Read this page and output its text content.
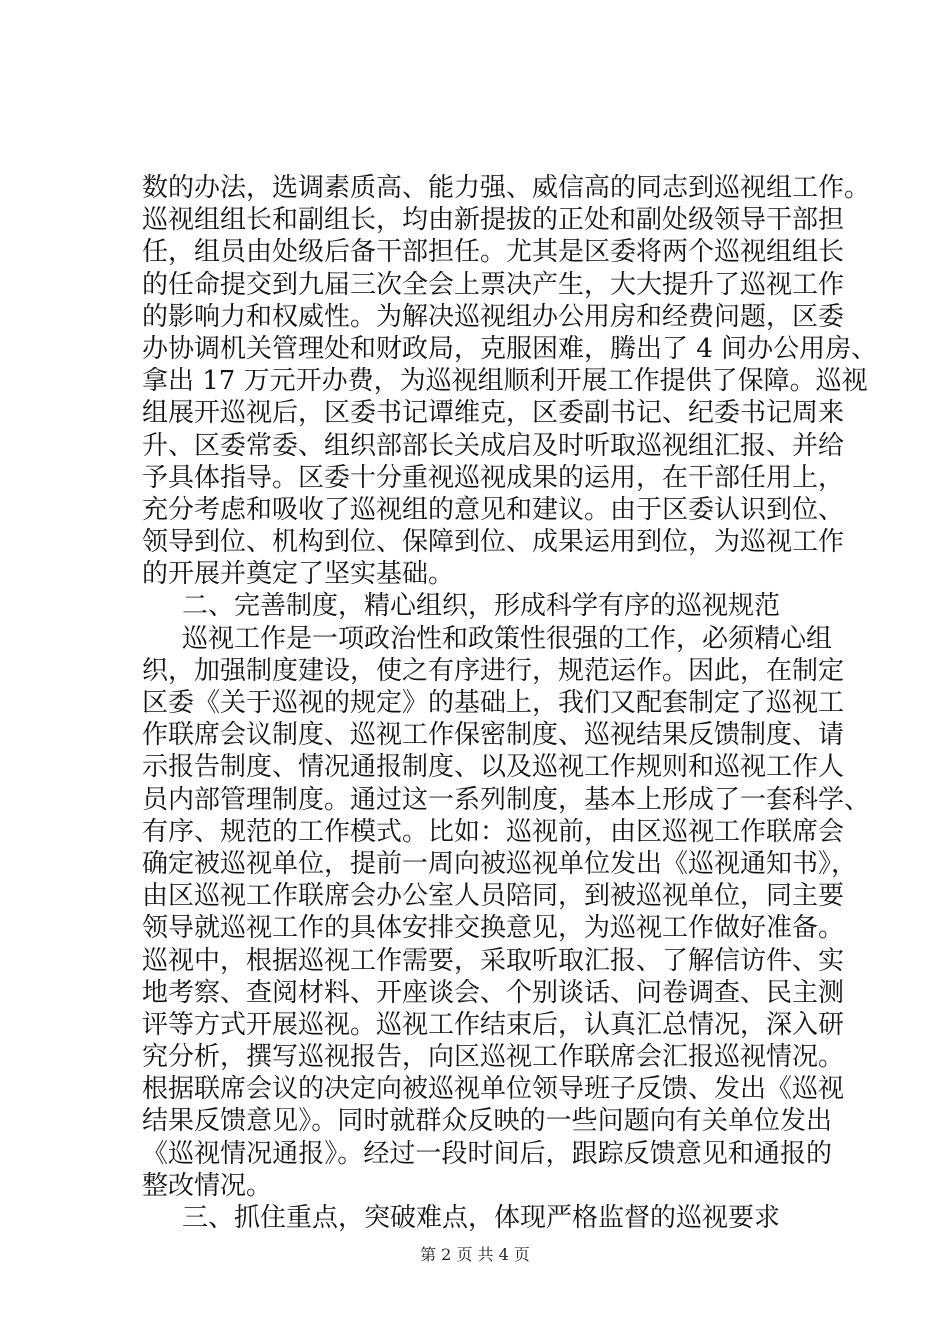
数的办法，选调素质高、能力强、威信高的同志到巡视组工作。
巡视组组长和副组长，均由新提拔的正处和副处级领导干部担
任，组员由处级后备干部担任。尤其是区委将两个巡视组组长
的任命提交到九届三次全会上票决产生，大大提升了巡视工作
的影响力和权威性。为解决巡视组办公用房和经费问题，区委
办协调机关管理处和财政局，克服困难，腾出了 4 间办公用房、
拿出 17 万元开办费，为巡视组顺利开展工作提供了保障。巡视
组展开巡视后，区委书记谭维克，区委副书记、纪委书记周来
升、区委常委、组织部部长关成启及时听取巡视组汇报、并给
予具体指导。区委十分重视巡视成果的运用，在干部任用上，
充分考虑和吸收了巡视组的意见和建议。由于区委认识到位、
领导到位、机构到位、保障到位、成果运用到位，为巡视工作
的开展并奠定了坚实基础。
二、完善制度，精心组织，形成科学有序的巡视规范
巡视工作是一项政治性和政策性很强的工作，必须精心组
织，加强制度建设，使之有序进行，规范运作。因此，在制定
区委《关于巡视的规定》的基础上，我们又配套制定了巡视工
作联席会议制度、巡视工作保密制度、巡视结果反馈制度、请
示报告制度、情况通报制度、以及巡视工作规则和巡视工作人
员内部管理制度。通过这一系列制度，基本上形成了一套科学、
有序、规范的工作模式。比如：巡视前，由区巡视工作联席会
确定被巡视单位，提前一周向被巡视单位发出《巡视通知书》，
由区巡视工作联席会办公室人员陪同，到被巡视单位，同主要
领导就巡视工作的具体安排交换意见，为巡视工作做好准备。
巡视中，根据巡视工作需要，采取听取汇报、了解信访件、实
地考察、查阅材料、开座谈会、个别谈话、问卷调查、民主测
评等方式开展巡视。巡视工作结束后，认真汇总情况，深入研
究分析，撰写巡视报告，向区巡视工作联席会汇报巡视情况。
根据联席会议的决定向被巡视单位领导班子反馈、发出《巡视
结果反馈意见》。同时就群众反映的一些问题向有关单位发出
《巡视情况通报》。经过一段时间后，跟踪反馈意见和通报的
整改情况。
三、抓住重点，突破难点，体现严格监督的巡视要求
第 2 页 共 4 页
